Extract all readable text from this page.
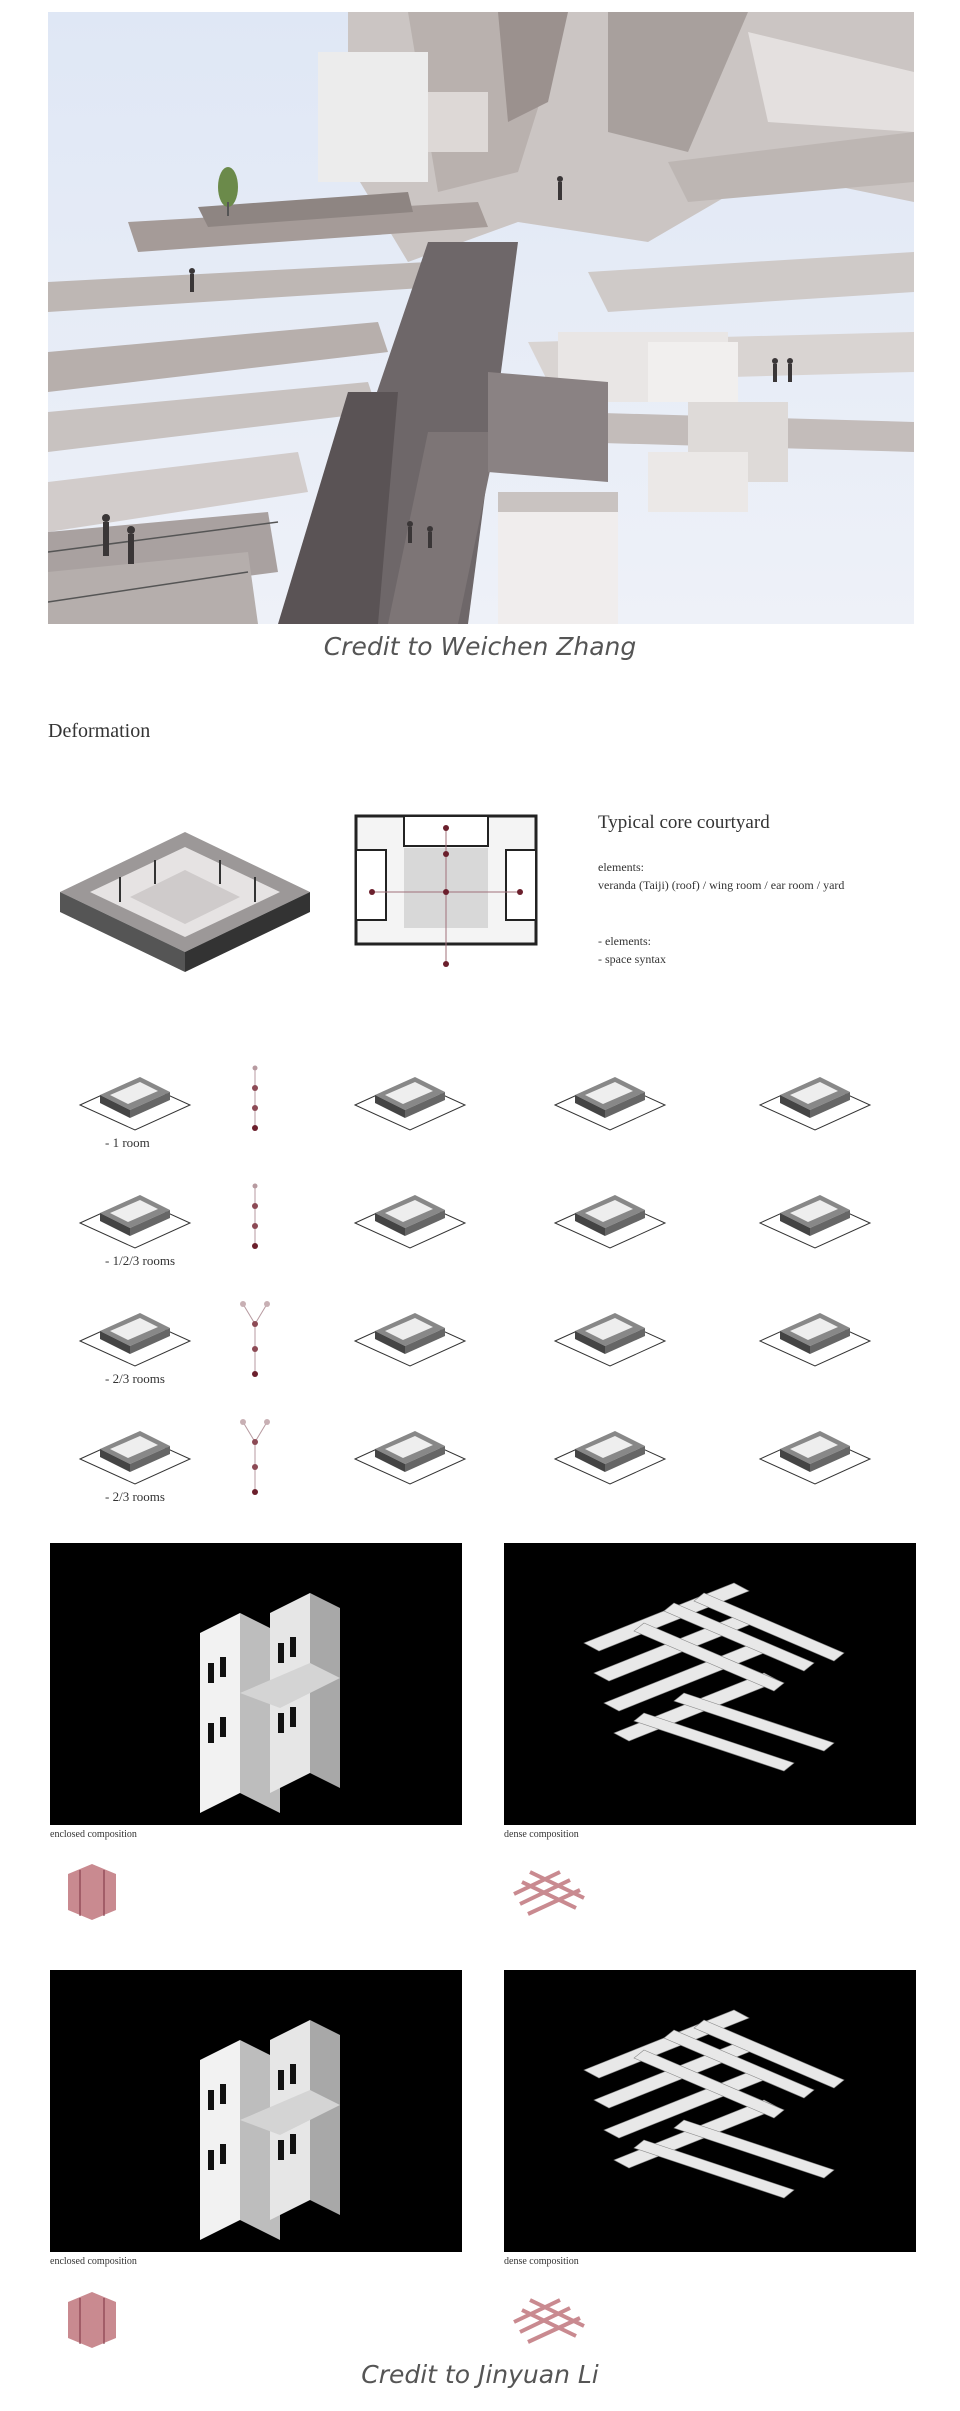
Credit to Weichen Zhang
Deformation
Typical core courtyard
elements:
veranda (Taiji) (roof) / wing room / ear room / yard
- elements:
- space syntax
- 1 room
- 1/2/3 rooms
- 2/3 rooms
- 2/3 rooms
enclosed composition	dense composition
enclosed composition	dense composition
Credit to Jinyuan Li
